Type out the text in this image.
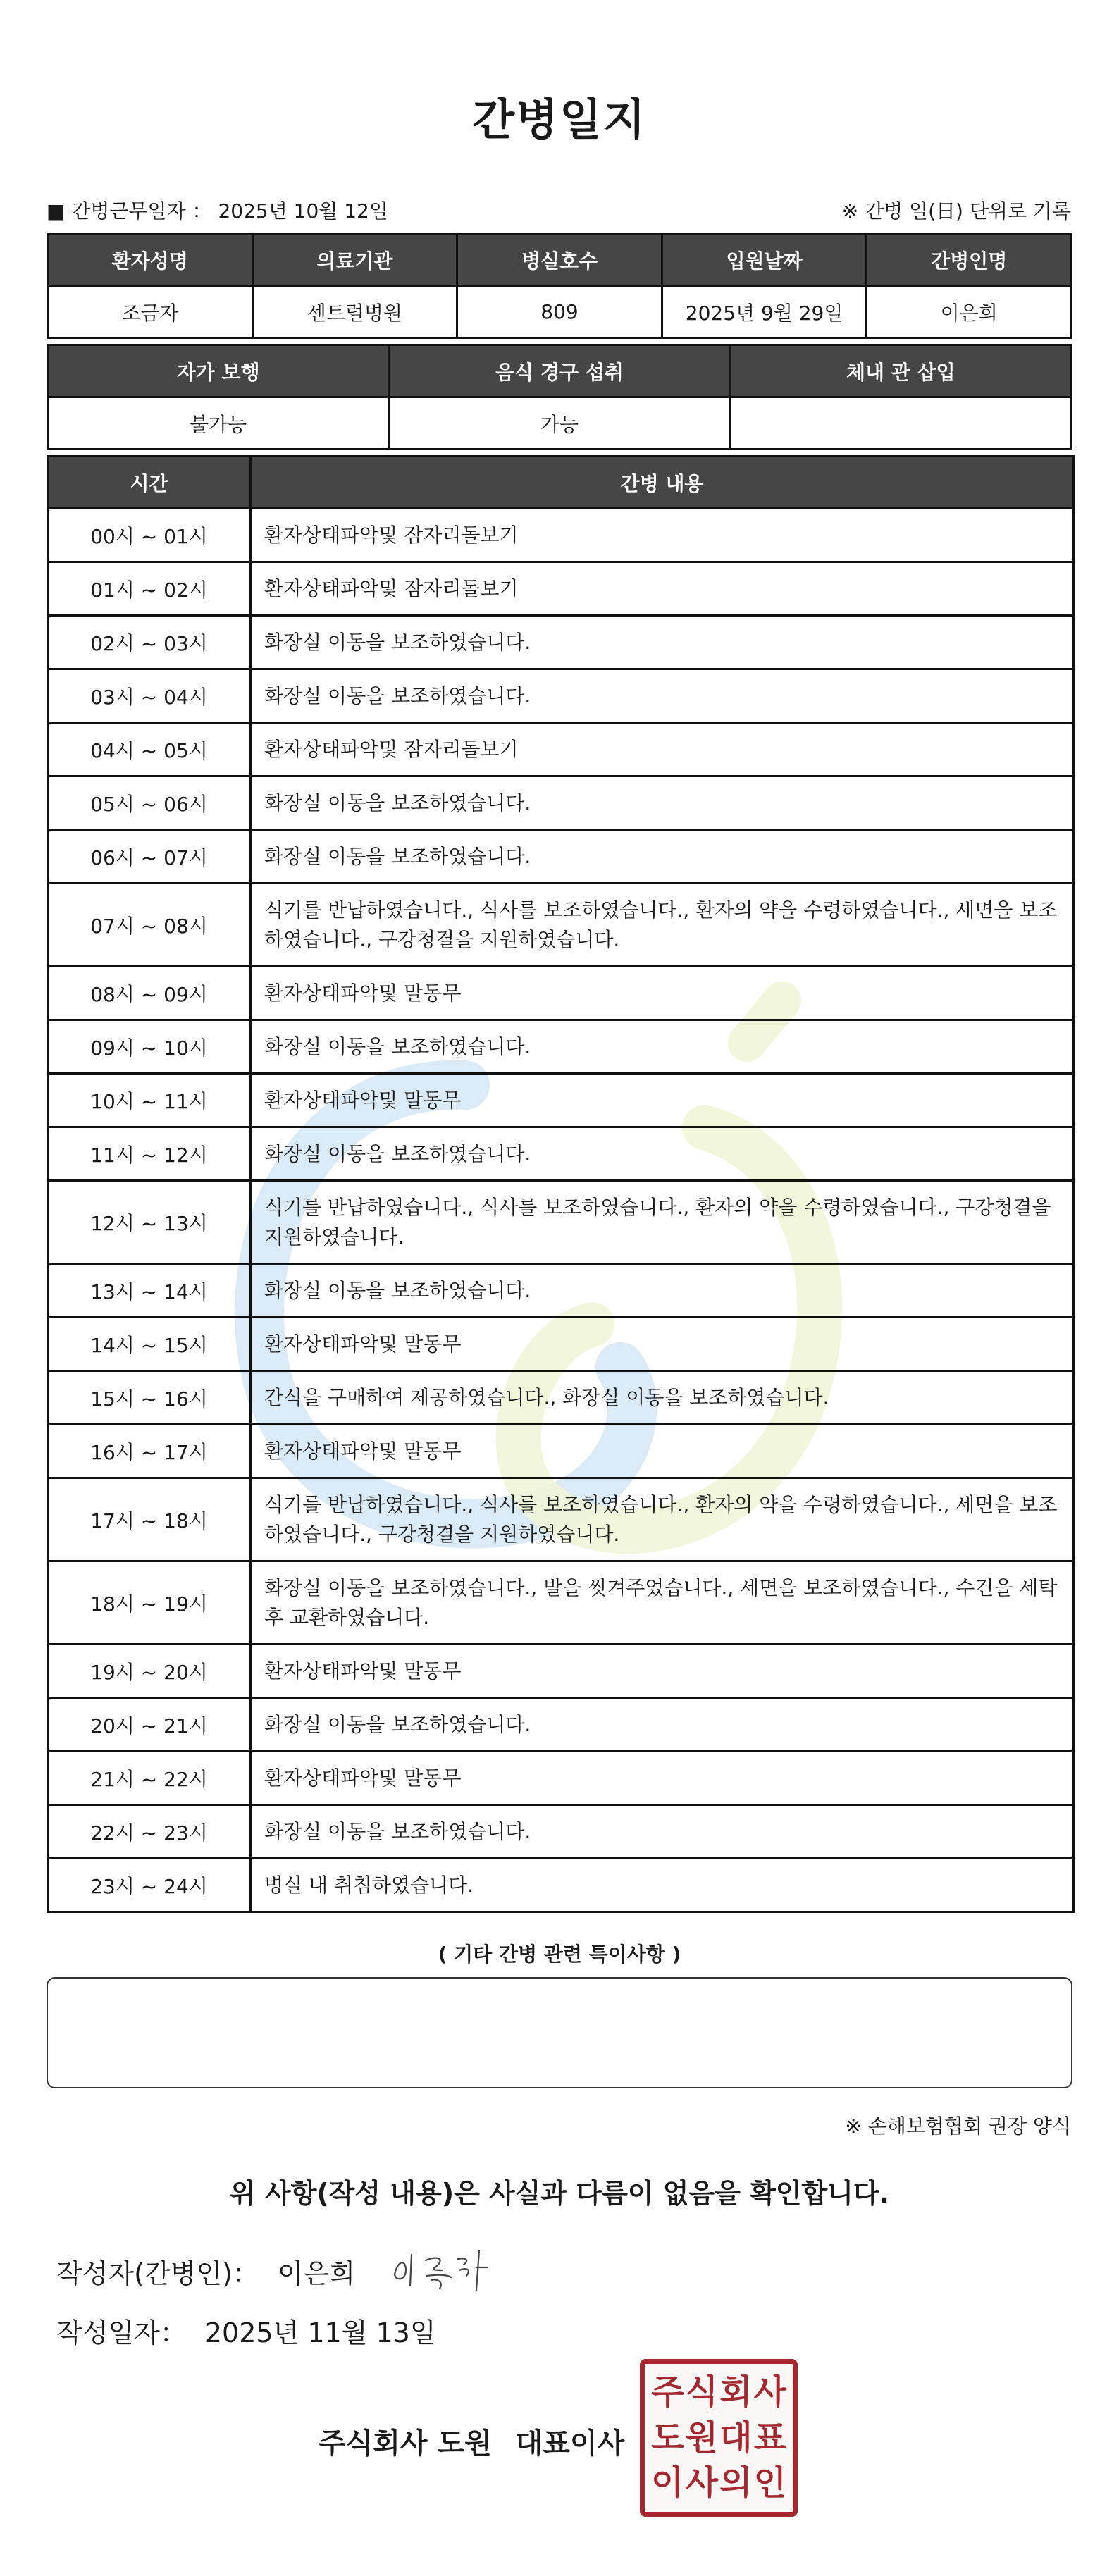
간병일지
■ 간병근무일자 ： 2025년 10월 12일	※ 간병 일(日) 단위로 기록
환자성명	의료기관	병실호수	입원날짜	간병인명
조금자	센트럴병원	809	2025년 9월 29일	이은희
자가 보행	음식 경구 섭취	체내 관 삽입
불가능	가능	
시간	간병 내용
00시 ~ 01시	환자상태파악및 잠자리돌보기
01시 ~ 02시	환자상태파악및 잠자리돌보기
02시 ~ 03시	화장실 이동을 보조하였습니다.
03시 ~ 04시	화장실 이동을 보조하였습니다.
04시 ~ 05시	환자상태파악및 잠자리돌보기
05시 ~ 06시	화장실 이동을 보조하였습니다.
06시 ~ 07시	화장실 이동을 보조하였습니다.
07시 ~ 08시	식기를 반납하였습니다., 식사를 보조하였습니다., 환자의 약을 수령하였습니다., 세면을 보조하였습니다., 구강청결을 지원하였습니다.
08시 ~ 09시	환자상태파악및 말동무
09시 ~ 10시	화장실 이동을 보조하였습니다.
10시 ~ 11시	환자상태파악및 말동무
11시 ~ 12시	화장실 이동을 보조하였습니다.
12시 ~ 13시	식기를 반납하였습니다., 식사를 보조하였습니다., 환자의 약을 수령하였습니다., 구강청결을 지원하였습니다.
13시 ~ 14시	화장실 이동을 보조하였습니다.
14시 ~ 15시	환자상태파악및 말동무
15시 ~ 16시	간식을 구매하여 제공하였습니다., 화장실 이동을 보조하였습니다.
16시 ~ 17시	환자상태파악및 말동무
17시 ~ 18시	식기를 반납하였습니다., 식사를 보조하였습니다., 환자의 약을 수령하였습니다., 세면을 보조하였습니다., 구강청결을 지원하였습니다.
18시 ~ 19시	화장실 이동을 보조하였습니다., 발을 씻겨주었습니다., 세면을 보조하였습니다., 수건을 세탁 후 교환하였습니다.
19시 ~ 20시	환자상태파악및 말동무
20시 ~ 21시	화장실 이동을 보조하였습니다.
21시 ~ 22시	환자상태파악및 말동무
22시 ~ 23시	화장실 이동을 보조하였습니다.
23시 ~ 24시	병실 내 취침하였습니다.
( 기타 간병 관련 특이사항 )
※ 손해보험협회 권장 양식
위 사항(작성 내용)은 사실과 다름이 없음을 확인합니다.
작성자(간병인)： 이은희
작성일자： 2025년 11월 13일
주식회사 도원 대표이사
주 식 회 사
도 원 대 표
이 사 의 인
